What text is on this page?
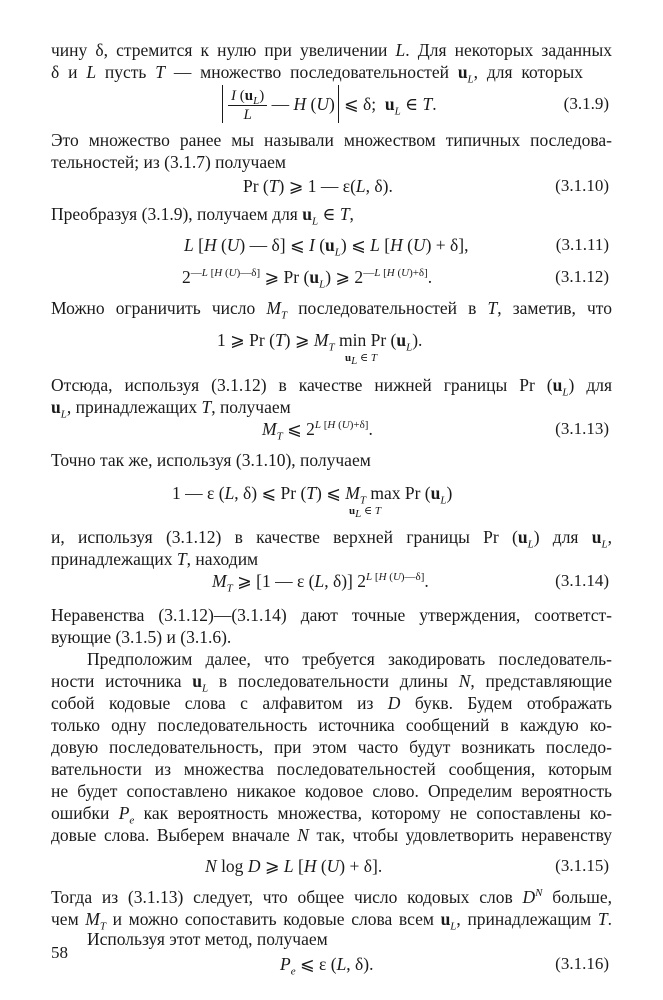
чину δ, стремится к нулю при увеличении L. Для некоторых заданных
δ и L пусть T — множество последовательностей $u_L$, для которых
$\frac{I (u_L)}{L}$ — H (U) ⩽ δ;  $u_L$ ∈ T.	(3.1.9)
Это множество ранее мы называли множеством типичных последова-
тельностей; из (3.1.7) получаем
Pr (T) ⩾ 1 — ε(L, δ).	(3.1.10)
Преобразуя (3.1.9), получаем для $u_L$ ∈ T,
L [H (U) — δ] ⩽ I $(u_L)$ ⩽ L [H (U) + δ],	(3.1.11)
$2^{—L [H (U)—\delta]}$ ⩾ Pr $(u_L)$ ⩾ $2^{—L [H (U)+\delta]}$.	(3.1.12)
Можно ограничить число $M_T$ последовательностей в T, заметив, что
1 ⩾ Pr (T) ⩾ $M_T$ min Pr $(u_L)$.
$u_L$ ∈ T
Отсюда, используя (3.1.12) в качестве нижней границы Pr $(u_L)$ для
$u_L$, принадлежащих T, получаем
$M_T$ ⩽ $2^{L [H (U)+\delta]}$.	(3.1.13)
Точно так же, используя (3.1.10), получаем
1 — ε (L, δ) ⩽ Pr (T) ⩽ $M_T$ max Pr $(u_L)$
$u_L$ ∈ T
и, используя (3.1.12) в качестве верхней границы Pr $(u_L)$ для $u_L$,
принадлежащих T, находим
$M_T$ ⩾ [1 — ε (L, δ)] $2^{L [H (U)—\delta]}$.	(3.1.14)
Неравенства (3.1.12)—(3.1.14) дают точные утверждения, соответст-
вующие (3.1.5) и (3.1.6).
Предположим далее, что требуется закодировать последователь-
ности источника $u_L$ в последовательности длины N, представляющие
собой кодовые слова с алфавитом из D букв. Будем отображать
только одну последовательность источника сообщений в каждую ко-
довую последовательность, при этом часто будут возникать последо-
вательности из множества последовательностей сообщения, которым
не будет сопоставлено никакое кодовое слово. Определим вероятность
ошибки $P_e$ как вероятность множества, которому не сопоставлены ко-
довые слова. Выберем вначале N так, чтобы удовлетворить неравенству
N log D ⩾ L [H (U) + δ].	(3.1.15)
Тогда из (3.1.13) следует, что общее число кодовых слов $D^N$ больше,
чем $M_T$ и можно сопоставить кодовые слова всем $u_L$, принадлежащим T.
Используя этот метод, получаем
$P_e$ ⩽ ε (L, δ).	(3.1.16)
58
